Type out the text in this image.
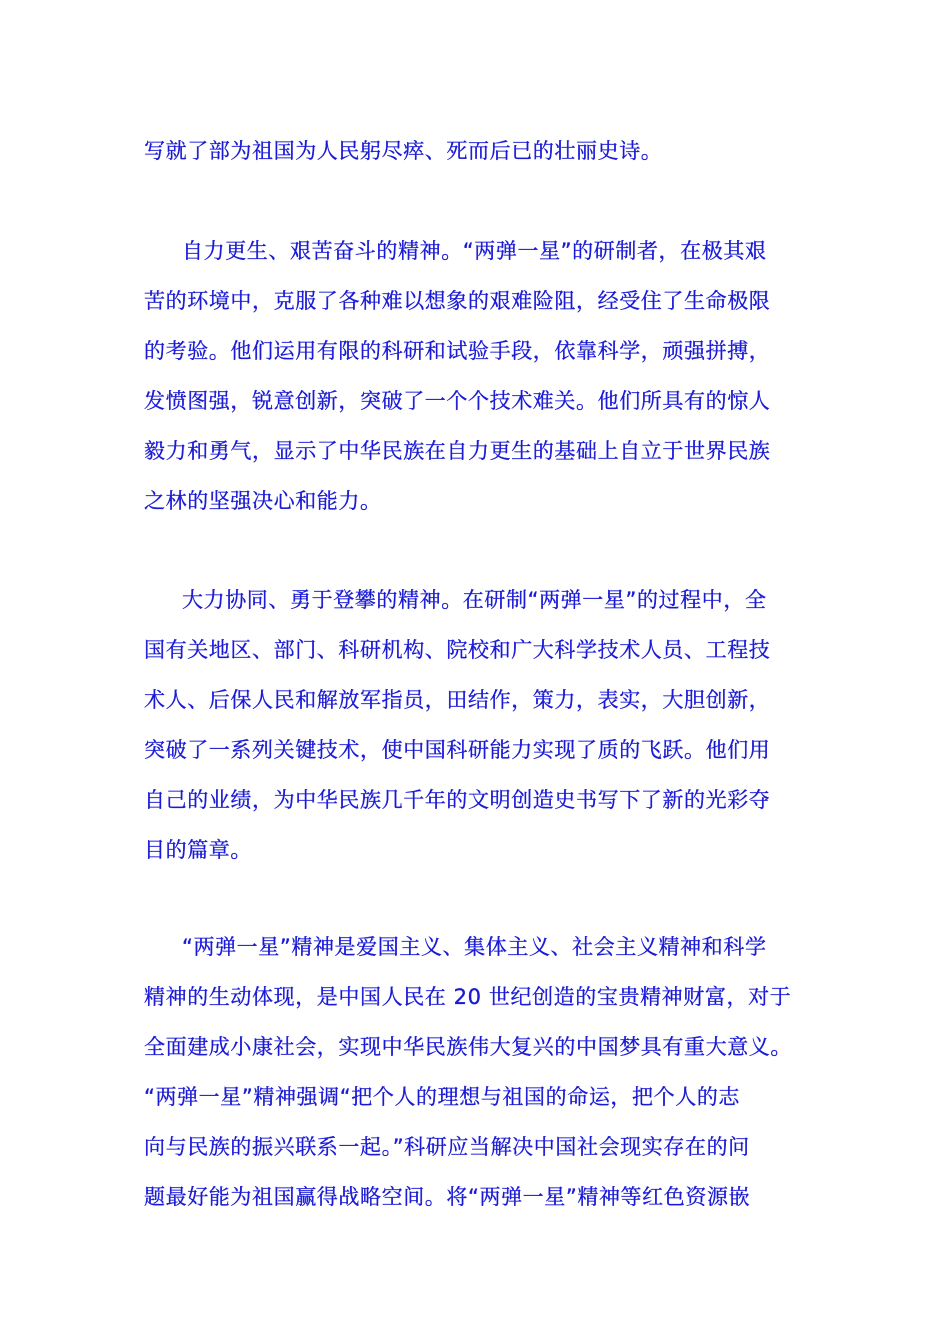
写就了部为祖国为人民躬尽瘁、死而后已的壮丽史诗。

自力更生、艰苦奋斗的精神。“两弹一星”的研制者，在极其艰
苦的环境中，克服了各种难以想象的艰难险阻，经受住了生命极限
的考验。他们运用有限的科研和试验手段，依靠科学，顽强拼搏，
发愤图强，锐意创新，突破了一个个技术难关。他们所具有的惊人
毅力和勇气，显示了中华民族在自力更生的基础上自立于世界民族
之林的坚强决心和能力。

大力协同、勇于登攀的精神。在研制“两弹一星”的过程中，全
国有关地区、部门、科研机构、院校和广大科学技术人员、工程技
术人、后保人民和解放军指员，田结作，策力，表实，大胆创新，
突破了一系列关键技术，使中国科研能力实现了质的飞跃。他们用
自己的业绩，为中华民族几千年的文明创造史书写下了新的光彩夺
目的篇章。

“两弹一星”精神是爱国主义、集体主义、社会主义精神和科学
精神的生动体现，是中国人民在 20 世纪创造的宝贵精神财富，对于
全面建成小康社会，实现中华民族伟大复兴的中国梦具有重大意义。
“两弹一星”精神强调“把个人的理想与祖国的命运，把个人的志
向与民族的振兴联系一起。”科研应当解决中国社会现实存在的问
题最好能为祖国赢得战略空间。将“两弹一星”精神等红色资源嵌
